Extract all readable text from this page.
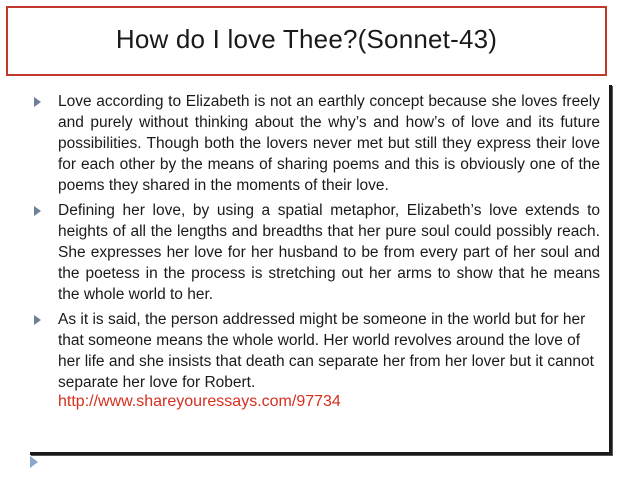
How do I love Thee?(Sonnet-43)
Love according to Elizabeth is not an earthly concept because she loves freely and purely without thinking about the why’s and how’s of love and its future possibilities. Though both the lovers never met but still they express their love for each other by the means of sharing poems and this is obviously one of the poems they shared in the moments of their love.
Defining her love, by using a spatial metaphor, Elizabeth’s love extends to heights of all the lengths and breadths that her pure soul could possibly reach. She expresses her love for her husband to be from every part of her soul and the poetess in the process is stretching out her arms to show that he means the whole world to her.
As it is said, the person addressed might be someone in the world but for her that someone means the whole world. Her world revolves around the love of her life and she insists that death can separate her from her lover but it cannot separate her love for Robert.
http://www.shareyouressays.com/97734
